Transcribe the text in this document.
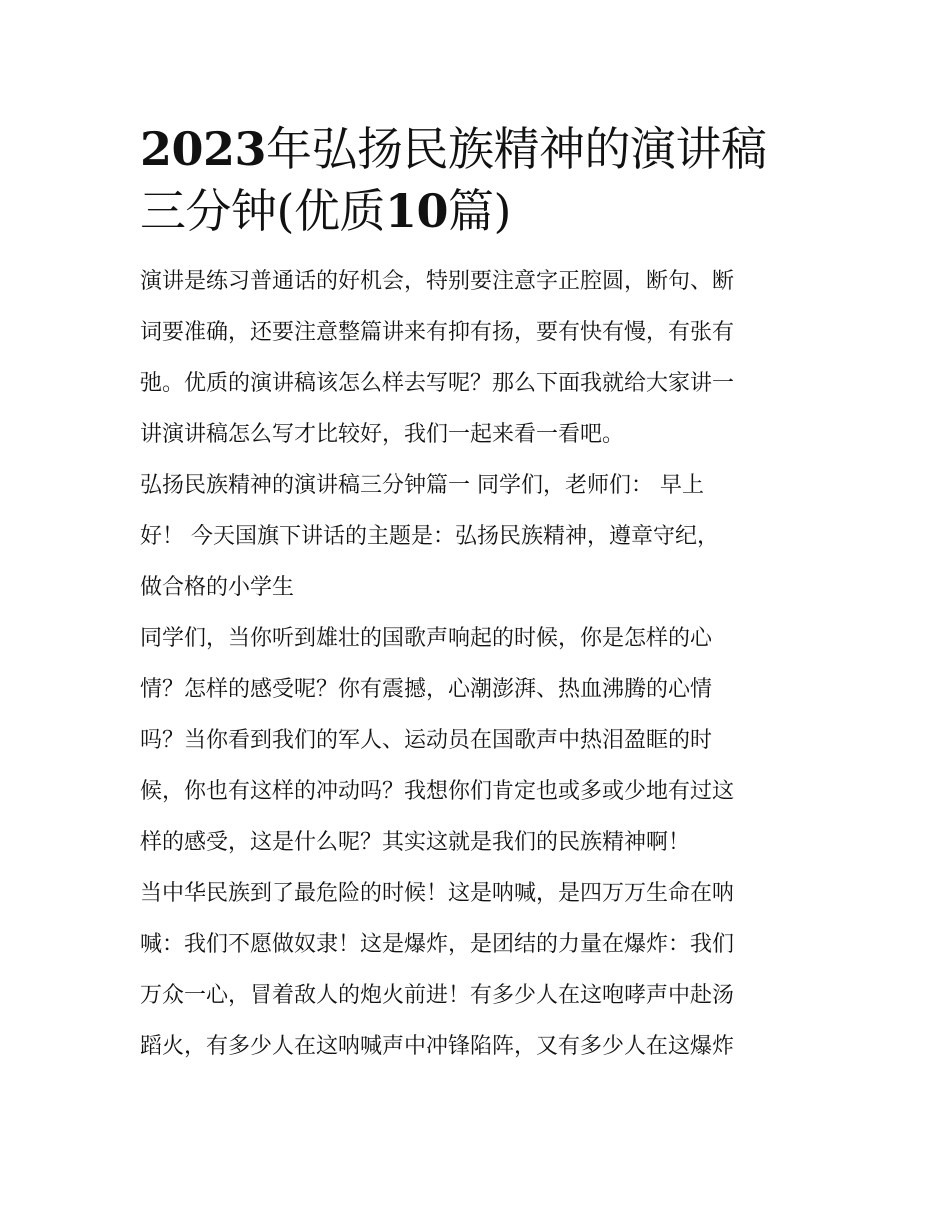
2023年弘扬民族精神的演讲稿
三分钟(优质10篇)

演讲是练习普通话的好机会，特别要注意字正腔圆，断句、断
词要准确，还要注意整篇讲来有抑有扬，要有快有慢，有张有
弛。优质的演讲稿该怎么样去写呢？那么下面我就给大家讲一
讲演讲稿怎么写才比较好，我们一起来看一看吧。

弘扬民族精神的演讲稿三分钟篇一 同学们，老师们： 早上
好！ 今天国旗下讲话的主题是：弘扬民族精神，遵章守纪，
做合格的小学生

同学们，当你听到雄壮的国歌声响起的时候，你是怎样的心
情？怎样的感受呢？你有震撼，心潮澎湃、热血沸腾的心情
吗？当你看到我们的军人、运动员在国歌声中热泪盈眶的时
候，你也有这样的冲动吗？我想你们肯定也或多或少地有过这
样的感受，这是什么呢？其实这就是我们的民族精神啊！

当中华民族到了最危险的时候！这是呐喊，是四万万生命在呐
喊：我们不愿做奴隶！这是爆炸，是团结的力量在爆炸：我们
万众一心，冒着敌人的炮火前进！有多少人在这咆哮声中赴汤
蹈火，有多少人在这呐喊声中冲锋陷阵，又有多少人在这爆炸
